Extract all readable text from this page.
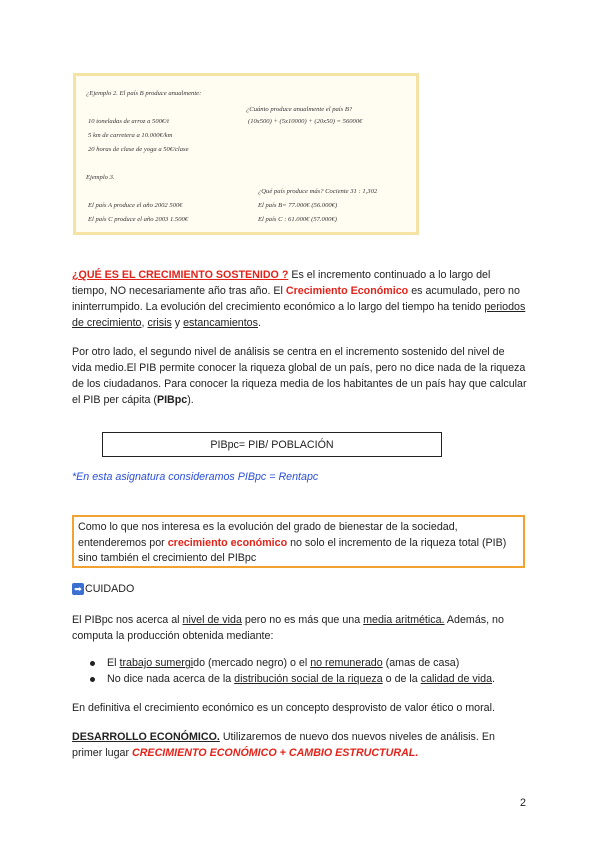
¿Ejemplo 2. El país B produce anualmente:
¿Cuánto produce anualmente el país B?
10 toneladas de arroz a 500€/t	(10x500) + (5x10000) + (20x50) = 56000€
5 km de carretera a 10.000€/km
20 horas de clase de yoga a 50€/clase
Ejemplo 3.
¿Qué país produce más? Cociente 31 : 1,302
El país A produce el año 2002 500€	El país B= 77.000€ (56.000€)
El país C produce el año 2003 1.500€	El país C : 61.000€ (57.000€)

¿QUÉ ES EL CRECIMIENTO SOSTENIDO ? Es el incremento continuado a lo largo del tiempo, NO necesariamente año tras año. El Crecimiento Económico es acumulado, pero no ininterrumpido. La evolución del crecimiento económico a lo largo del tiempo ha tenido periodos de crecimiento, crisis y estancamientos.

Por otro lado, el segundo nivel de análisis se centra en el incremento sostenido del nivel de vida medio.El PIB permite conocer la riqueza global de un país, pero no dice nada de la riqueza de los ciudadanos. Para conocer la riqueza media de los habitantes de un país hay que calcular el PIB per cápita (PIBpc).

PIBpc= PIB/ POBLACIÓN
*En esta asignatura consideramos PIBpc = Rentapc
Como lo que nos interesa es la evolución del grado de bienestar de la sociedad, entenderemos por crecimiento económico no solo el incremento de la riqueza total (PIB) sino también el crecimiento del PIBpc
➡ CUIDADO

El PIBpc nos acerca al nivel de vida pero no es más que una media aritmética. Además, no computa la producción obtenida mediante:

El trabajo sumergido (mercado negro) o el no remunerado (amas de casa)
No dice nada acerca de la distribución social de la riqueza o de la calidad de vida.

En definitiva el crecimiento económico es un concepto desprovisto de valor ético o moral.

DESARROLLO ECONÓMICO. Utilizaremos de nuevo dos nuevos niveles de análisis. En primer lugar CRECIMIENTO ECONÓMICO + CAMBIO ESTRUCTURAL.

2
